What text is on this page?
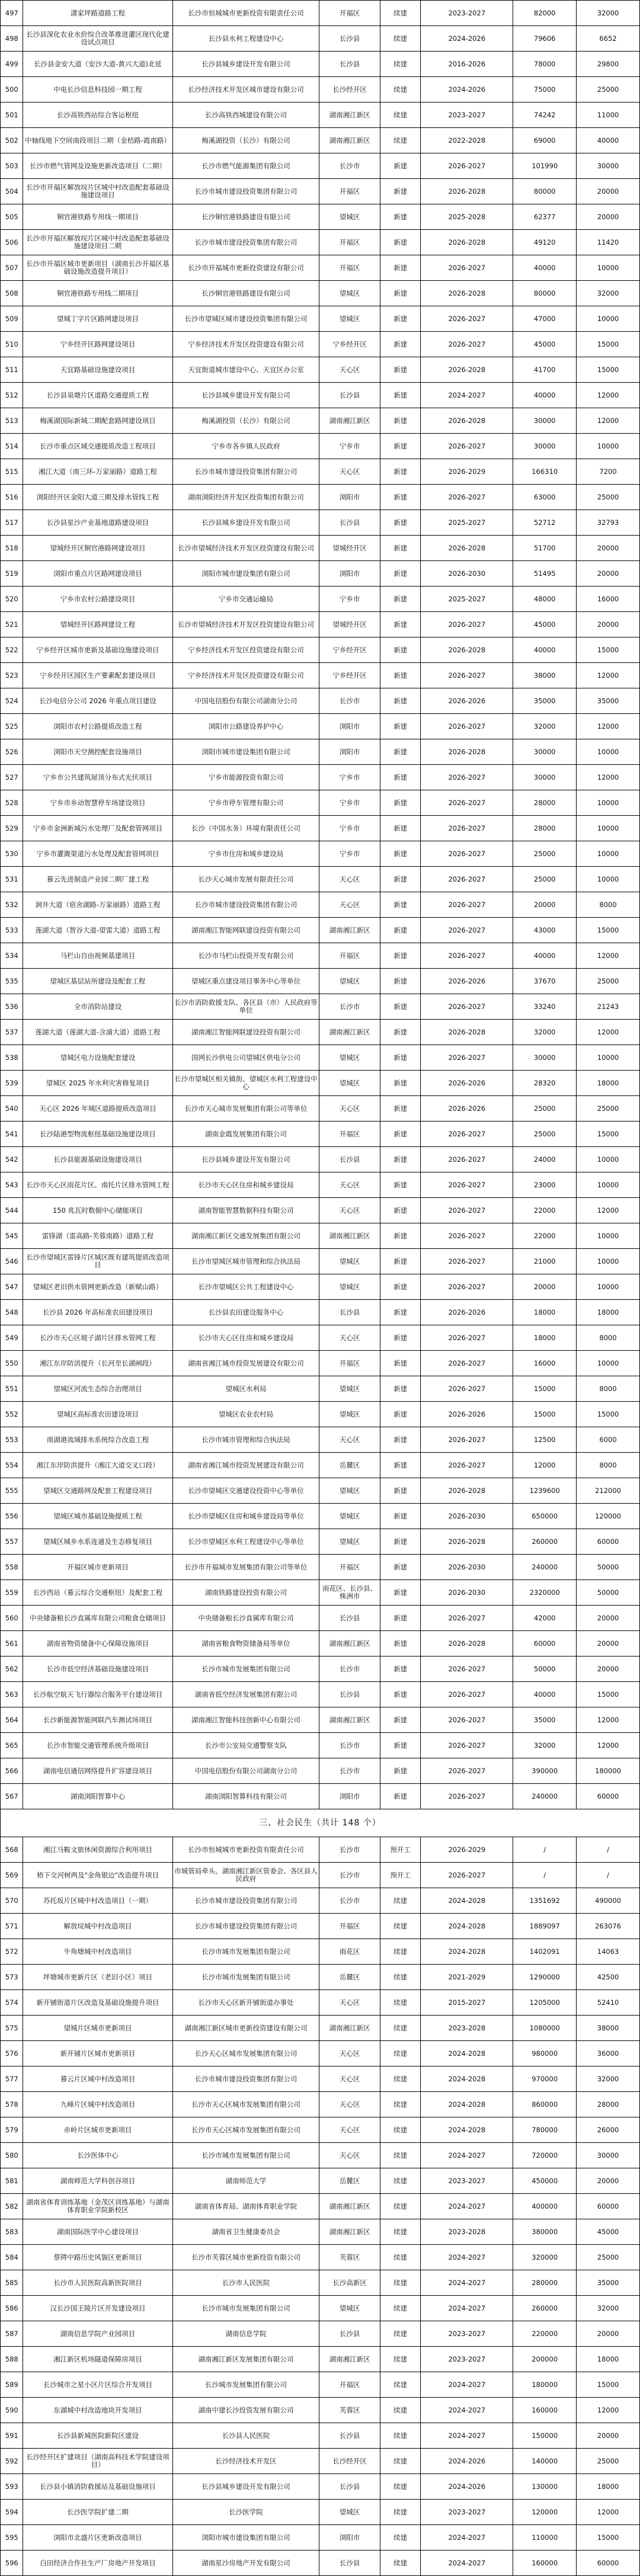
497	潇家坪路道路工程	长沙市恒城城市更新投资有限责任公司	开福区	续建	2023-2027	82000	32000
498	长沙县深化农业水价综合改革推进灌区现代化建设试点项目	长沙县水利工程建设中心	长沙县	续建	2024-2026	79606	6652
499	长沙县金安大道（安沙大道-黄兴大道)北延	长沙县城乡建设开发有限公司	长沙县	续建	2016-2026	78000	29800
500	中电长沙信息科技园一期工程	长沙经济技术开发区城市建设有限公司	长沙经开区	续建	2024-2026	75000	25000
501	长沙高铁西站综合客运枢纽	长沙高铁西城建设有限公司	湖南湘江新区	续建	2023-2027	74242	11000
502	中轴线地下空间南段项目二期（金桔路-霞南路）	梅溪湖投资（长沙）有限公司	湖南湘江新区	续建	2022-2028	69000	40000
503	长沙市燃气管网及设施更新改造项目（二期）	长沙市燃气能源集团有限公司	长沙市	新建	2026-2027	101990	30000
504	长沙市开福区解放垸片区城中村改造配套基础设施建设项目	长沙市城市建设投资集团有限公司	开福区	新建	2026-2028	80000	20000
505	铜官港铁路专用线一期项目	长沙铜官港铁路建设有限公司	望城区	新建	2025-2028	62377	20000
506	长沙市开福区解放垸片区城中村改造配套基础设施建设项目二期	长沙市城市建设投资集团有限公司	开福区	新建	2026-2028	49120	11420
507	长沙市开福区城市更新项目（湖南长沙开福区基础设施改造提升项目）	长沙市开福城市更新投资建设有限公司	开福区	新建	2026-2027	40000	10000
508	铜官港铁路专用线二期项目	长沙铜官港铁路建设有限公司	望城区	新建	2026-2028	80000	32000
509	望城丁字片区路网建设项目	长沙市望城区城市建设投资集团有限公司	望城区	新建	2026-2027	47000	10000
510	宁乡经开区路网建设项目	宁乡经济技术开发区投资建设有限公司	宁乡经开区	新建	2026-2027	45000	15000
511	天宜路基础设施建设项目	天宜街道城市建设中心、天宜区办公室	天心区	新建	2026-2028	41700	15000
512	长沙县泉塘片区道路交通提质工程	长沙县城乡建设开发有限公司	长沙县	新建	2024-2027	40000	12000
513	梅溪湖国际新城二期配套路网建设项目	梅溪湖投资（长沙）有限公司	湖南湘江新区	新建	2026-2028	30000	12000
514	长沙市重点区域交通提质改造工程项目	宁乡市各乡镇人民政府	宁乡市	新建	2026-2027	30000	10000
515	湘江大道（南三环-万家丽路）道路工程	长沙市城市建设投资集团有限公司	天心区	新建	2026-2029	166310	7200
516	浏阳经开区金阳大道三期及排水管线工程	湖南浏阳经济开发区投资集团有限公司	浏阳市	新建	2026-2027	63000	25000
517	长沙县星沙产业基地道路建设项目	长沙县城乡建设开发有限公司	长沙县	新建	2025-2027	52712	32793
518	望城经开区铜官港路网建设项目	长沙市望城经济技术开发区投资建设有限公司	望城经开区	新建	2026-2028	51700	20000
519	浏阳市重点片区路网建设项目	浏阳市城市建设集团有限公司	浏阳市	新建	2026-2030	51495	20000
520	宁乡市农村公路建设项目	宁乡市交通运输局	宁乡市	新建	2025-2027	48000	16000
521	望城经开区路网建设工程	长沙市望城经济技术开发区投资建设有限公司	望城经开区	新建	2026-2027	45000	20000
522	宁乡经开区城市更新及基础设施建设项目	宁乡经济技术开发区投资建设有限公司	宁乡经开区	新建	2026-2028	40000	15000
523	宁乡经开区园区生产要素配套建设项目	宁乡经济技术开发区投资建设有限公司	宁乡经开区	新建	2026-2027	38000	12000
524	长沙电信分公司 2026 年重点项目建设	中国电信股份有限公司湖南分公司	长沙市	新建	2026-2026	35000	35000
525	浏阳市农村公路提质改造工程	浏阳市公路建设养护中心	浏阳市	新建	2026-2027	32000	12000
526	浏阳市天空测控配套设施项目	浏阳市城市建设集团有限公司	浏阳市	新建	2026-2028	30000	10000
527	宁乡市公共建筑屋顶分布式光伏项目	宁乡市能源投资有限公司	宁乡市	新建	2026-2027	30000	12000
528	宁乡市乡动智慧停车场建设项目	宁乡市停车管理有限公司	宁乡市	新建	2026-2027	28000	10000
529	宁乡市金洲新城污水处理厂及配套管网项目	长沙（中国水务）环境有限责任公司	宁乡市	新建	2026-2027	28000	10000
530	宁乡市灌溉渠道污水处理及配套管网项目	宁乡市住房和城乡建设局	宁乡市	新建	2026-2027	25000	10000
531	暮云先进制造产业园二期厂建工程	长沙天心城市发展有限责任公司	天心区	新建	2026-2027	25000	10000
532	洞井大道（宿舍湖路-万家丽路）道路工程	长沙市城市建设投资集团有限公司	天心区	新建	2026-2027	20000	8000
533	莲湖大道（智谷大道-望雷大道）道路工程	湖南湘江智能网联建设投资有限公司	湖南湘江新区	新建	2026-2027	43000	15000
534	马栏山自由视频基建项目	长沙市马栏山投资开发有限公司	开福区	新建	2026-2027	40000	12000
535	望城区基层站所建设及配套工程	望城区重点建设项目事务中心等单位	望城区	新建	2026-2026	37670	25000
536	全市消防站建设	长沙市消防救援支队、各区县（市）人民政府等单位	长沙市	新建	2026-2027	33240	21243
537	莲湖大道（莲湖大道-含浦大道）道路工程	湖南湘江智能网联建设投资有限公司	湖南湘江新区	新建	2026-2028	32000	12000
538	望城区电力设施配套建设	国网长沙供电公司望城区供电分公司	望城区	新建	2026-2027	30000	10000
539	望城区 2025 年水利灾害修复项目	长沙市望城区相关镇街、望城区水利工程建设中心	望城区	新建	2026-2026	28320	18000
540	天心区 2026 年城区道路提质改造项目	长沙市天心城市发展集团有限公司等单位	天心区	新建	2026-2026	25000	25000
541	长沙陆港型物流枢纽基础设施建设项目	湖南金霞发展集团有限公司	开福区	新建	2026-2027	25000	15000
542	长沙县能源基础设施建设项目	长沙县城乡建设开发有限公司	长沙县	新建	2026-2027	24000	10000
543	长沙市天心区雨花片区、南托片区排水管网工程	长沙市天心区住房和城乡建设局	天心区	新建	2026-2027	23000	10000
544	150 兆瓦时数据中心储能项目	湖南智能智慧数据科技有限公司	天心区	新建	2026-2027	22000	12000
545	雷锋湖（雷高路-芙蓉南路）道路工程	湖南湘江新区交通发展集团有限公司	湖南湘江新区	新建	2026-2027	22000	10000
546	长沙市望城区雷锋片区城区既有建筑提质改造项目	长沙市望城区城市管理和综合执法局	望城区	新建	2026-2027	21000	10000
547	望城区老旧供水管网更新改造（新赋山路）	长沙市望城区公共工程建设中心	望城区	新建	2026-2027	20000	10000
548	长沙县 2026 年高标准农田建设项目	长沙县农田建设服务中心	长沙县	新建	2026-2026	18000	18000
549	长沙市天心区坡子湖片区排水管网工程	长沙市天心区住房和城乡建设局	天心区	新建	2026-2027	18000	8000
550	湘江东岸防洪提升（长河至长湖闸段）	湖南省湘江城市投资发展建设有限公司	开福区	新建	2026-2027	16000	10000
551	望城区河流生态综合治理项目	望城区水利局	望城区	新建	2026-2027	15000	8000
552	望城区高标准农田建设项目	望城区农业农村局	望城区	新建	2026-2026	15000	15000
553	南湖港流域排水系统综合改造工程	长沙市城市管理和综合执法局	天心区	新建	2026-2027	12500	6000
554	湘江东岸防洪提升（湘江大道交叉口段）	湖南省湘江城市投资发展建设有限公司	岳麓区	新建	2026-2027	12000	8000
555	望城区交通路网及配套工程建设项目	长沙市望城区交通建设投资中心等单位	望城区	新建	2026-2028	1239600	212000
556	望城区城市基础设施提质工程	长沙市望城区住房和城乡建设局等单位	望城区	新建	2026-2030	650000	120000
557	望城区城乡水系连通及生态修复项目	长沙市望城区水利工程建设中心等单位	望城区	新建	2026-2028	260000	60000
558	开福区城市更新项目	长沙市开福城市发展集团有限公司等单位	开福区	新建	2026-2030	240000	50000
559	长沙西站（暮云综合交通枢纽）及配套工程	湖南铁路建设投资有限公司	雨花区、长沙县、株洲市	新建	2026-2030	2320000	50000
560	中央储备粮长沙直属库有限公司粮食仓储项目	中央储备粮长沙直属库有限公司	长沙县	新建	2026-2027	42000	20000
561	湖南省物资储备中心保障设施项目	湖南省粮食物资储备局等单位	湖南湘江新区	新建	2026-2028	60000	20000
562	长沙市低空经济基础设施建设项目	长沙市城市发展集团有限公司	长沙市	新建	2026-2027	50000	20000
563	长沙航空航天飞行器综合服务平台建设项目	湖南省低空经济发展集团有限公司	长沙县	新建	2026-2027	40000	15000
564	长沙新能源智能网联汽车测试场项目	湖南湘江智能科技创新中心有限公司	湖南湘江新区	新建	2026-2027	35000	12000
565	长沙市智能交通管理系统升级项目	长沙市公安局交通警察支队	长沙市	新建	2026-2027	32000	12000
566	湖南电信通信网络提升扩容建设项目	中国电信股份有限公司湖南分公司	长沙市	新建	2026-2027	390000	180000
567	湖南浏阳智算中心	湖南浏阳智算科技有限公司	浏阳市	新建	2026-2027	240000	60000
三、社会民生（共计 148 个）							
568	湘江马鞍文旅休闲资源综合利用项目	长沙市恒城城市更新投资有限责任公司	长沙市	预开工	2026-2029	/	/
569	梧下交河树两及"金角银边"改造提升项目	市城管局牵头，湖南湘江新区管委会、各区县人民政府	长沙市	预开工	2026-2027	/	/
570	苏托坂片区城中村改造项目（一期）	长沙市城市建设投资集团有限公司	长沙市	续建	2024-2028	1351692	490000
571	解放垸城中村改造项目	长沙市城市建设投资集团有限公司	开福区	续建	2024-2028	1889097	263076
572	牛角塘城中村改造项目	长沙市城市发展集团有限公司	雨花区	续建	2024-2028	1402091	14063
573	坪塘城市更新片区（老旧小区）项目	长沙市城市发展集团有限公司	岳麓区	续建	2021-2029	1290000	42500
574	新开铺街道片区改造及基础设施提升项目	长沙市天心区新开铺街道办事处	天心区	续建	2015-2027	1205000	52410
575	望城片区城市更新项目	湖南湘江新区城市更新投资建设有限公司	湖南湘江新区	续建	2023-2028	1080000	38000
576	新开铺片区城市更新项目	长沙天心区城市发展集团有限公司	天心区	续建	2024-2028	980000	36000
577	暮云片区城中村改造项目	长沙市城市建设投资集团有限公司	天心区	续建	2024-2028	970000	32000
578	九峰片区城中村改造项目	长沙市天心区城市发展集团有限公司	天心区	续建	2024-2028	860000	28000
579	赤岭片区城市更新项目	长沙市天心区城市发展集团有限公司	天心区	续建	2024-2028	780000	26000
580	长沙医体中心	长沙市城市发展集团有限公司	天心区	续建	2024-2027	720000	30000
581	湖南师范大学科创谷项目	湖南师范大学	岳麓区	续建	2023-2027	450000	20000
582	湖南省体育训练基地（金茂区训练基地）与湖南体育职业学院新校区	湖南省体育局、湖南体育职业学院	湖南湘江新区	续建	2024-2027	400000	60000
583	湖南国际医学中心建设项目	湖南省卫生健康委员会	湖南湘江新区	续建	2023-2028	380000	45000
584	蔡锷中路历史风貌区更新项目	长沙市芙蓉区城市更新投资有限公司	芙蓉区	续建	2024-2027	320000	25000
585	长沙市人民医院高新医院项目	长沙市人民医院	长沙高新区	续建	2024-2027	280000	35000
586	汉长沙国王陵片区开发建设项目	长沙市城市发展集团有限公司	望城区	续建	2024-2027	260000	32000
587	湖南信息学院产业园项目	湖南信息学院	长沙县	续建	2023-2027	220000	20000
588	湘江新区机场隧道保障房项目	湖南湘江新区发展集团有限公司	湖南湘江新区	续建	2023-2027	200000	18000
589	长沙城市之星小区片区综合开发项目	长沙城市发展集团有限公司	开福区	续建	2024-2027	180000	15000
590	东湖城中村改造地块开发项目	湖南中建长沙投资发展有限公司	芙蓉区	续建	2024-2027	160000	12000
591	长沙县新城医院新院区建设	长沙县人民医院	长沙县	续建	2024-2027	150000	20000
592	长沙经开区扩建项目（湖南高科技术学院建设项目）	长沙经济技术开发区	长沙经开区	续建	2024-2026	140000	25000
593	长沙县小镇消防救援站及基础设施项目	长沙县城乡建设开发有限公司	长沙县	续建	2024-2026	130000	18000
594	长沙医学院扩建二期	长沙医学院	望城区	续建	2023-2027	120000	12000
595	浏阳市北盛片区更新改造项目	浏阳市城市建设集团有限公司	浏阳市	续建	2024-2027	110000	15000
596	白田经济合作社生产厂房地产开发项目	湖南星沙房地产开发有限公司	长沙县	续建	2024-2027	160000	60000
